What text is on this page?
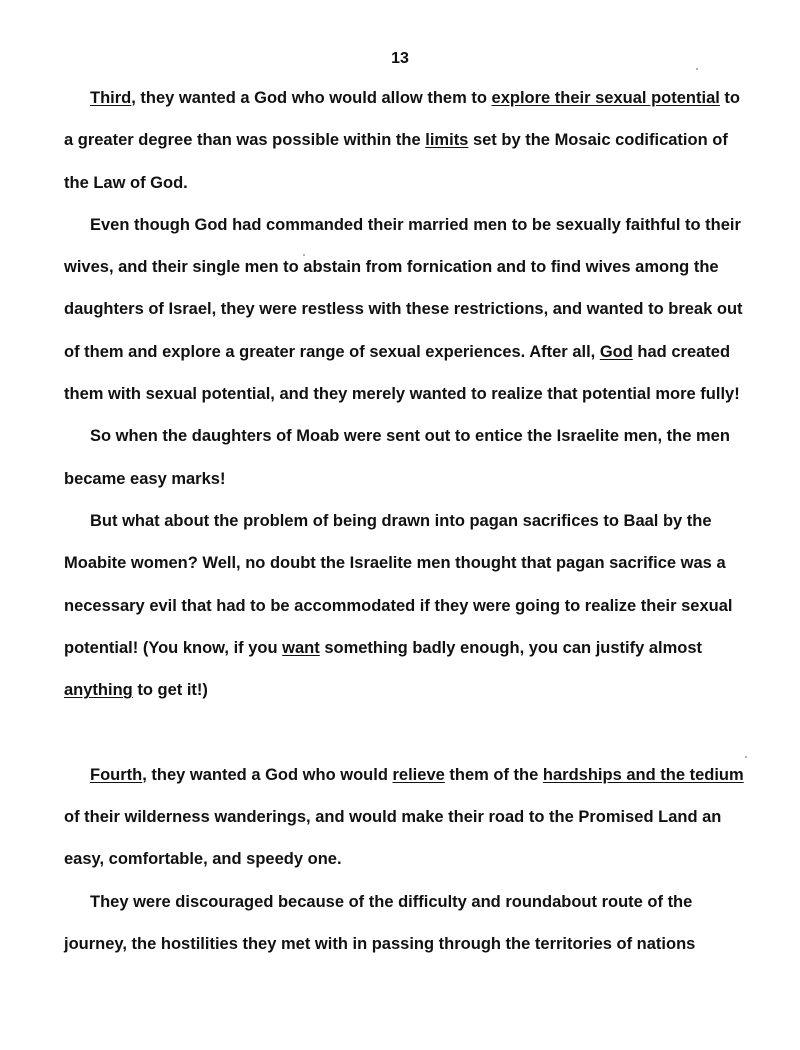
13

Third, they wanted a God who would allow them to explore their sexual potential to a greater degree than was possible within the limits set by the Mosaic codification of the Law of God.

Even though God had commanded their married men to be sexually faithful to their wives, and their single men to abstain from fornication and to find wives among the daughters of Israel, they were restless with these restrictions, and wanted to break out of them and explore a greater range of sexual experiences. After all, God had created them with sexual potential, and they merely wanted to realize that potential more fully!

So when the daughters of Moab were sent out to entice the Israelite men, the men became easy marks!

But what about the problem of being drawn into pagan sacrifices to Baal by the Moabite women? Well, no doubt the Israelite men thought that pagan sacrifice was a necessary evil that had to be accommodated if they were going to realize their sexual potential! (You know, if you want something badly enough, you can justify almost anything to get it!)

Fourth, they wanted a God who would relieve them of the hardships and the tedium of their wilderness wanderings, and would make their road to the Promised Land an easy, comfortable, and speedy one.

They were discouraged because of the difficulty and roundabout route of the journey, the hostilities they met with in passing through the territories of nations
